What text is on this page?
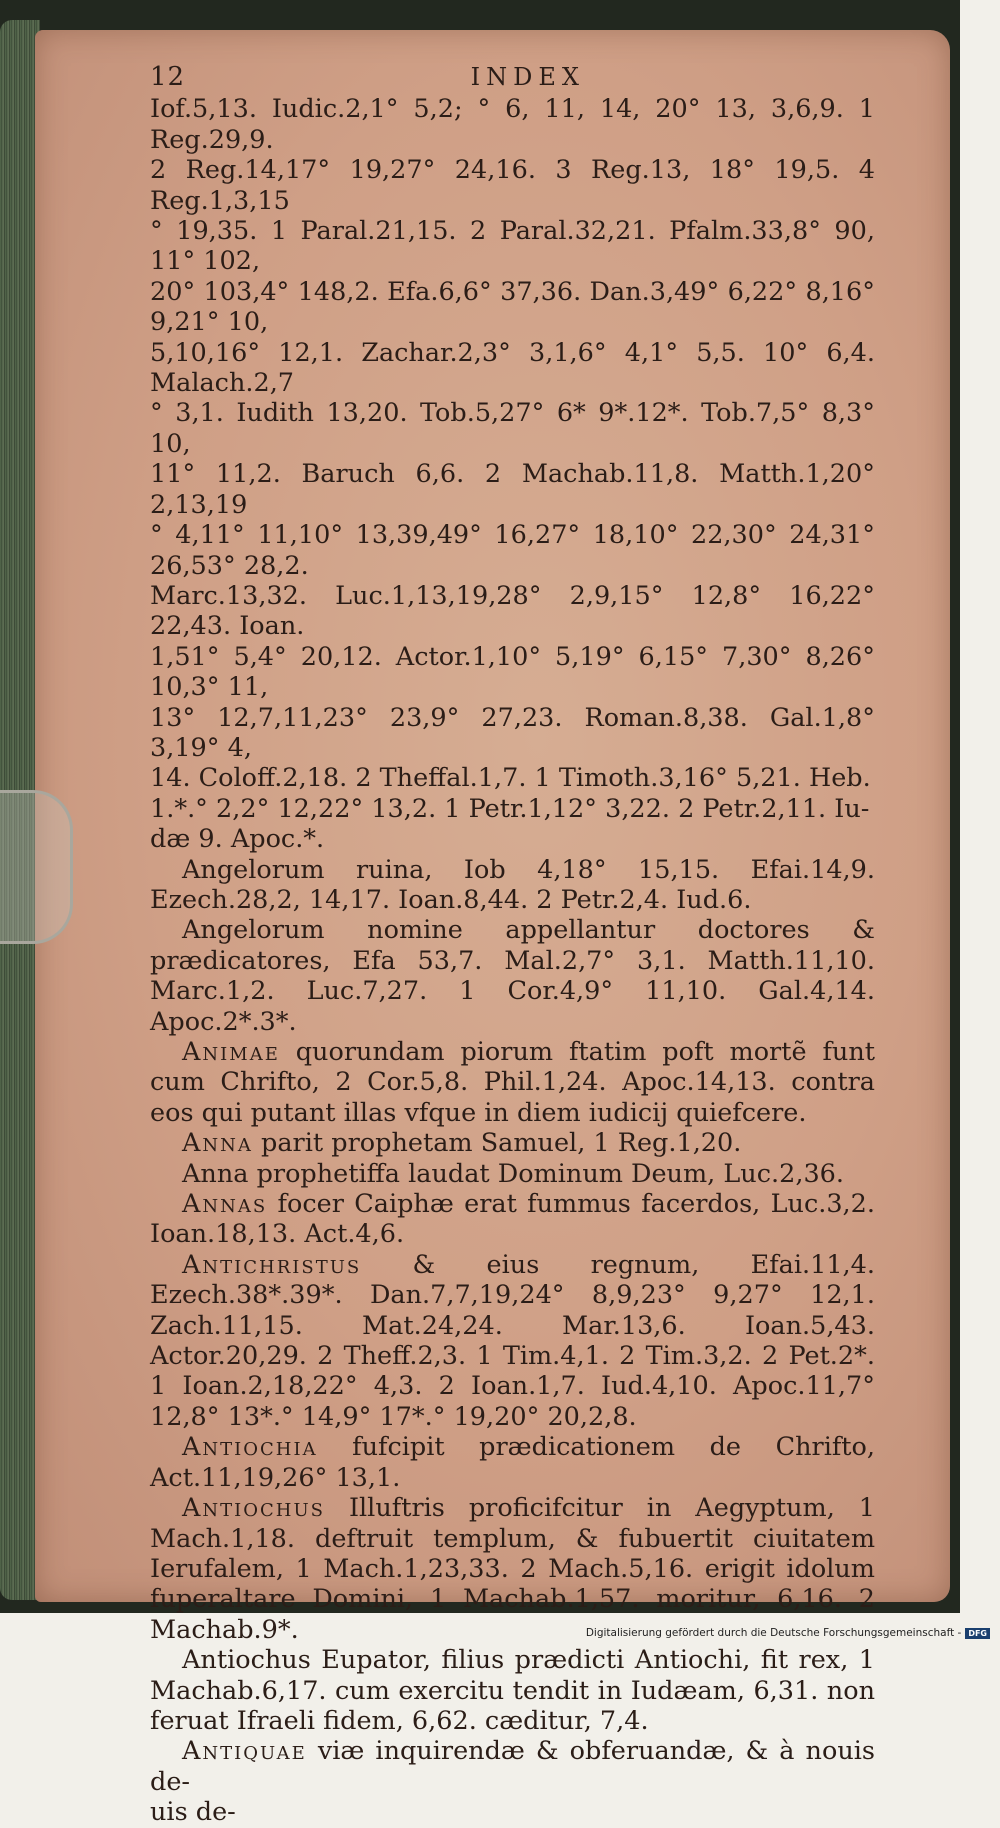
12	INDEX

Iof.5,13. Iudic.2,1° 5,2; ° 6, 11, 14, 20° 13, 3,6,9. 1 Reg.29,9.

2 Reg.14,17° 19,27° 24,16. 3 Reg.13, 18° 19,5. 4 Reg.1,3,15

° 19,35. 1 Paral.21,15. 2 Paral.32,21. Pfalm.33,8° 90, 11° 102,

20° 103,4° 148,2. Efa.6,6° 37,36. Dan.3,49° 6,22° 8,16° 9,21° 10,

5,10,16° 12,1. Zachar.2,3° 3,1,6° 4,1° 5,5. 10° 6,4. Malach.2,7

° 3,1. Iudith 13,20. Tob.5,27° 6* 9*.12*. Tob.7,5° 8,3° 10,

11° 11,2. Baruch 6,6. 2 Machab.11,8. Matth.1,20° 2,13,19

° 4,11° 11,10° 13,39,49° 16,27° 18,10° 22,30° 24,31° 26,53° 28,2.

Marc.13,32. Luc.1,13,19,28° 2,9,15° 12,8° 16,22° 22,43. Ioan.

1,51° 5,4° 20,12. Actor.1,10° 5,19° 6,15° 7,30° 8,26° 10,3° 11,

13° 12,7,11,23° 23,9° 27,23. Roman.8,38. Gal.1,8° 3,19° 4,

14. Coloff.2,18. 2 Theffal.1,7. 1 Timoth.3,16° 5,21. Heb.

1.*.° 2,2° 12,22° 13,2. 1 Petr.1,12° 3,22. 2 Petr.2,11. Iu-

dæ 9. Apoc.*.

Angelorum ruina, Iob 4,18° 15,15. Efai.14,9. Ezech.28,2, 14,17. Ioan.8,44. 2 Petr.2,4. Iud.6.

Angelorum nomine appellantur doctores & prædicatores, Efa 53,7. Mal.2,7° 3,1. Matth.11,10. Marc.1,2. Luc.7,27. 1 Cor.4,9° 11,10. Gal.4,14. Apoc.2*.3*.

Animae quorundam piorum ftatim poft mortẽ funt cum Chrifto, 2 Cor.5,8. Phil.1,24. Apoc.14,13. contra eos qui putant illas vfque in diem iudicij quiefcere.

Anna parit prophetam Samuel, 1 Reg.1,20.

Anna prophetiffa laudat Dominum Deum, Luc.2,36.

Annas focer Caiphæ erat fummus facerdos, Luc.3,2. Ioan.18,13. Act.4,6.

Antichristus & eius regnum, Efai.11,4. Ezech.38*.39*. Dan.7,7,19,24° 8,9,23° 9,27° 12,1. Zach.11,15. Mat.24,24. Mar.13,6. Ioan.5,43. Actor.20,29. 2 Theff.2,3. 1 Tim.4,1. 2 Tim.3,2. 2 Pet.2*. 1 Ioan.2,18,22° 4,3. 2 Ioan.1,7. Iud.4,10. Apoc.11,7° 12,8° 13*.° 14,9° 17*.° 19,20° 20,2,8.

Antiochia fufcipit prædicationem de Chrifto, Act.11,19,26° 13,1.

Antiochus Illuftris proficifcitur in Aegyptum, 1 Mach.1,18. deftruit templum, & fubuertit ciuitatem Ierufalem, 1 Mach.1,23,33. 2 Mach.5,16. erigit idolum fuperaltare Domini, 1 Machab.1,57. moritur, 6,16. 2 Machab.9*.

Antiochus Eupator, filius prædicti Antiochi, fit rex, 1 Machab.6,17. cum exercitu tendit in Iudæam, 6,31. non feruat Ifraeli fidem, 6,62. cæditur, 7,4.

Antiquae viæ inquirendæ & obferuandæ, & à nouis de-

uis de-

Digitalisierung gefördert durch die Deutsche Forschungsgemeinschaft - DFG
